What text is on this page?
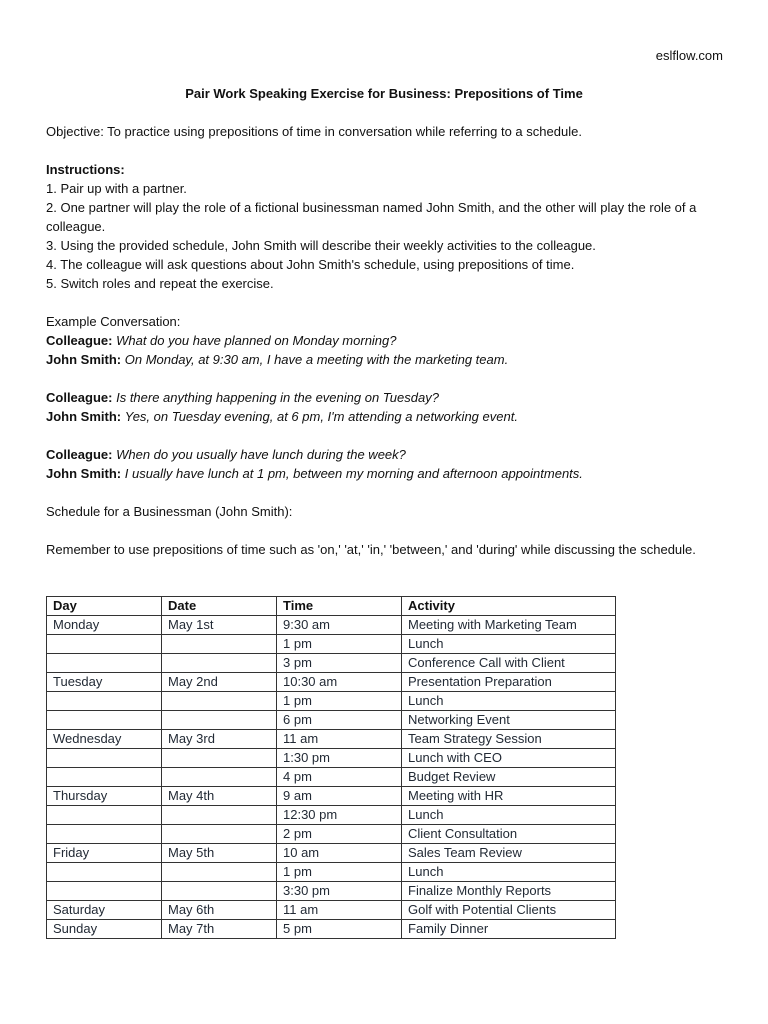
eslflow.com
Pair Work Speaking Exercise for Business: Prepositions of Time

Objective: To practice using prepositions of time in conversation while referring to a schedule.

Instructions:

1. Pair up with a partner.

2. One partner will play the role of a fictional businessman named John Smith, and the other will play the role of a colleague.

3. Using the provided schedule, John Smith will describe their weekly activities to the colleague.

4. The colleague will ask questions about John Smith's schedule, using prepositions of time.

5. Switch roles and repeat the exercise.

Example Conversation:

Colleague: What do you have planned on Monday morning?

John Smith: On Monday, at 9:30 am, I have a meeting with the marketing team.

Colleague: Is there anything happening in the evening on Tuesday?

John Smith: Yes, on Tuesday evening, at 6 pm, I'm attending a networking event.

Colleague: When do you usually have lunch during the week?

John Smith: I usually have lunch at 1 pm, between my morning and afternoon appointments.

Schedule for a Businessman (John Smith):

Remember to use prepositions of time such as 'on,' 'at,' 'in,' 'between,' and 'during' while discussing the schedule.

Day	Date	Time	Activity
Monday	May 1st	9:30 am	Meeting with Marketing Team
		1 pm	Lunch
		3 pm	Conference Call with Client
Tuesday	May 2nd	10:30 am	Presentation Preparation
		1 pm	Lunch
		6 pm	Networking Event
Wednesday	May 3rd	11 am	Team Strategy Session
		1:30 pm	Lunch with CEO
		4 pm	Budget Review
Thursday	May 4th	9 am	Meeting with HR
		12:30 pm	Lunch
		2 pm	Client Consultation
Friday	May 5th	10 am	Sales Team Review
		1 pm	Lunch
		3:30 pm	Finalize Monthly Reports
Saturday	May 6th	11 am	Golf with Potential Clients
Sunday	May 7th	5 pm	Family Dinner
